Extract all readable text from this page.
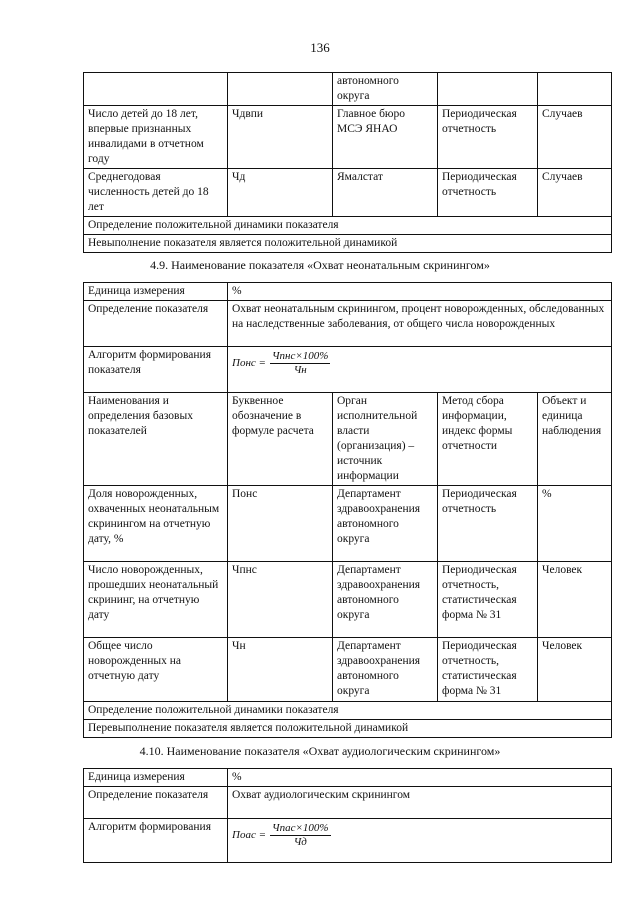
136
		автономного округа		
Число детей до 18 лет, впервые признанных инвалидами в отчетном году	Чдвпи	Главное бюро МСЭ ЯНАО	Периодическая отчетность	Случаев
Среднегодовая численность детей до 18 лет	Чд	Ямалстат	Периодическая отчетность	Случаев
Определение положительной динамики показателя				
Невыполнение показателя является положительной динамикой				
4.9. Наименование показателя «Охват неонатальным скринингом»
Единица измерения	%			
Определение показателя	Охват неонатальным скринингом, процент новорожденных, обследованных на наследственные заболевания, от общего числа новорожденных			
Алгоритм формирования показателя	Понс = $\frac{\text{Чпнс×100\%}}{Чн}$

Наименования и определения базовых показателей	Буквенное обозначение в формуле расчета	Орган исполнительной власти (организация) – источник информации	Метод сбора информации, индекс формы отчетности	Объект и единица наблюдения
Доля новорожденных, охваченных неонатальным скринингом на отчетную дату, %	Понс	Департамент здравоохранения автономного округа	Периодическая отчетность	%
Число новорожденных, прошедших неонатальный скрининг, на отчетную дату	Чпнс	Департамент здравоохранения автономного округа	Периодическая отчетность, статистическая форма № 31	Человек
Общее число новорожденных на отчетную дату	Чн	Департамент здравоохранения автономного округа	Периодическая отчетность, статистическая форма № 31	Человек
Определение положительной динамики показателя				
Перевыполнение показателя является положительной динамикой				
4.10. Наименование показателя «Охват аудиологическим скринингом»
Единица измерения	%
Определение показателя	Охват аудиологическим скринингом
Алгоритм формирования	Поас = $\frac{\text{Чпас×100\%}}{Чд}$
